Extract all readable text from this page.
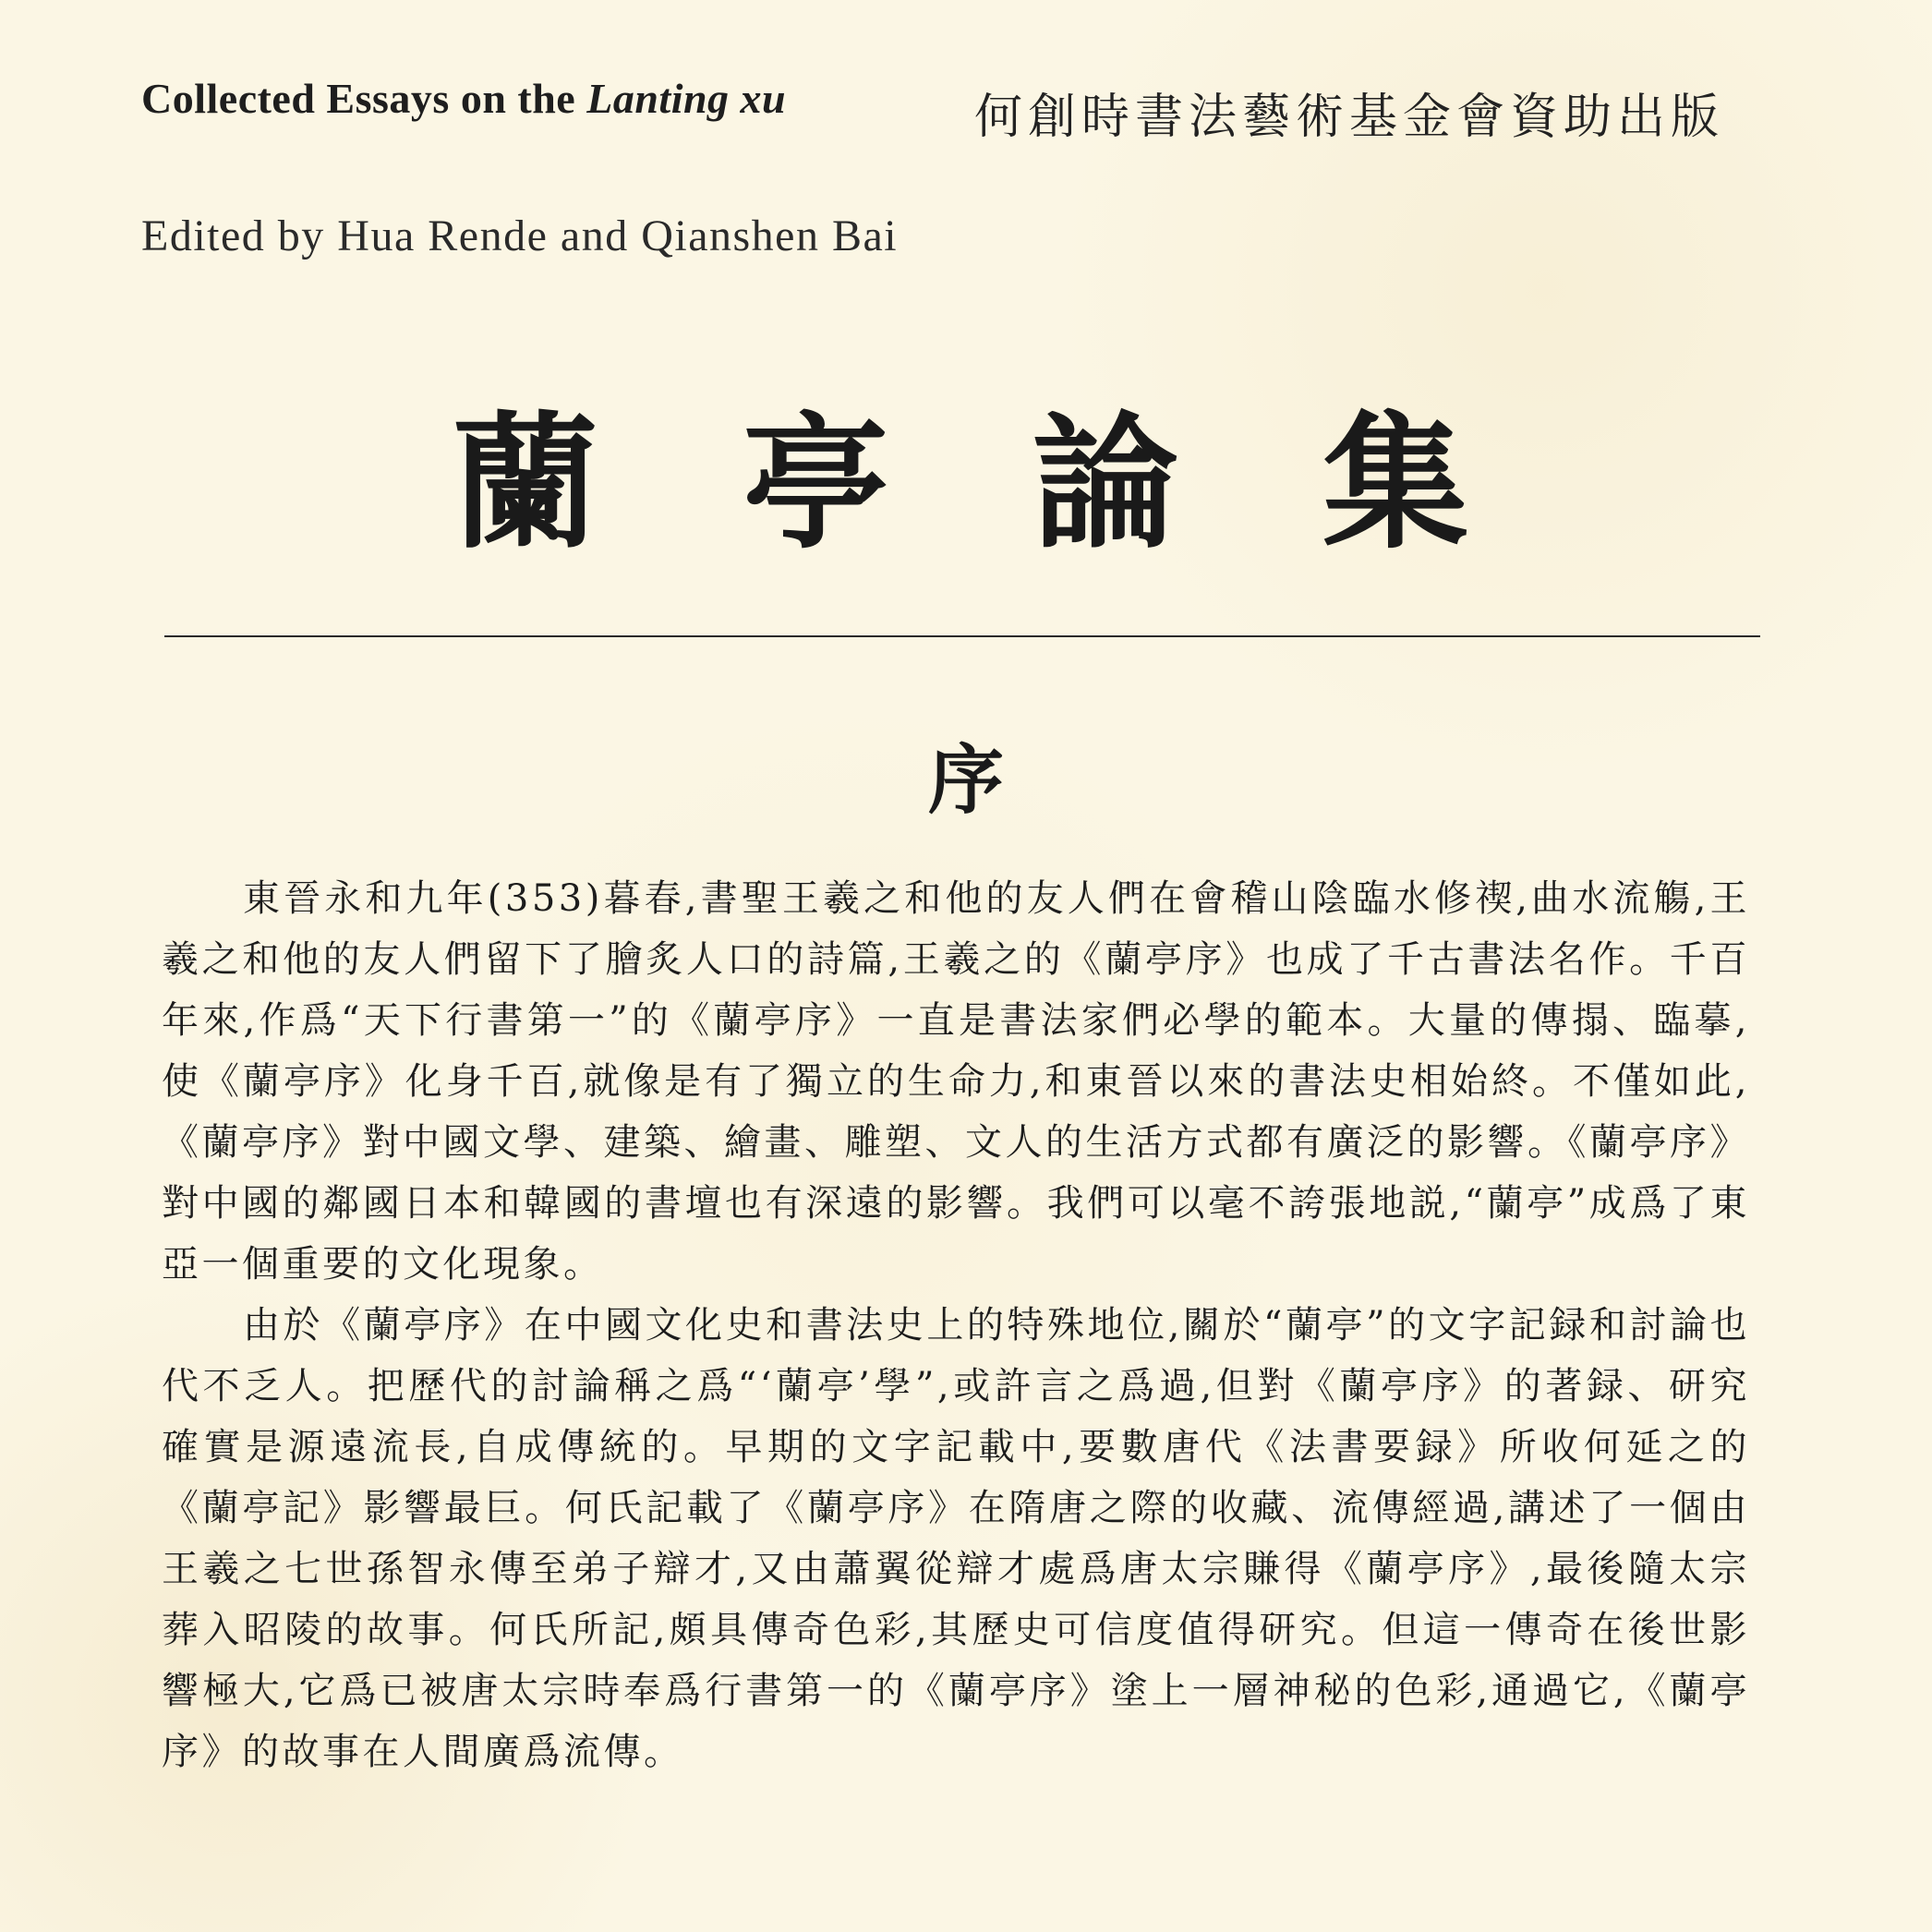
Collected Essays on the Lanting xu	何創時書法藝術基金會資助出版
Edited by Hua Rende and Qianshen Bai
蘭 亭 論 集
序

東晉永和九年(353)暮春,書聖王羲之和他的友人們在會稽山陰臨水修禊,曲水流觴,王羲之和他的友人們留下了膾炙人口的詩篇,王羲之的《蘭亭序》也成了千古書法名作。千百年來,作爲“天下行書第一”的《蘭亭序》一直是書法家們必學的範本。大量的傳搨、臨摹,使《蘭亭序》化身千百,就像是有了獨立的生命力,和東晉以來的書法史相始終。不僅如此,《蘭亭序》對中國文學、建築、繪畫、雕塑、文人的生活方式都有廣泛的影響。《蘭亭序》對中國的鄰國日本和韓國的書壇也有深遠的影響。我們可以毫不誇張地説,“蘭亭”成爲了東亞一個重要的文化現象。

由於《蘭亭序》在中國文化史和書法史上的特殊地位,關於“蘭亭”的文字記録和討論也代不乏人。把歷代的討論稱之爲“‘蘭亭’學”,或許言之爲過,但對《蘭亭序》的著録、研究確實是源遠流長,自成傳統的。早期的文字記載中,要數唐代《法書要録》所收何延之的《蘭亭記》影響最巨。何氏記載了《蘭亭序》在隋唐之際的收藏、流傳經過,講述了一個由王羲之七世孫智永傳至弟子辯才,又由蕭翼從辯才處爲唐太宗賺得《蘭亭序》,最後隨太宗葬入昭陵的故事。何氏所記,頗具傳奇色彩,其歷史可信度值得研究。但這一傳奇在後世影響極大,它爲已被唐太宗時奉爲行書第一的《蘭亭序》塗上一層神秘的色彩,通過它,《蘭亭序》的故事在人間廣爲流傳。
